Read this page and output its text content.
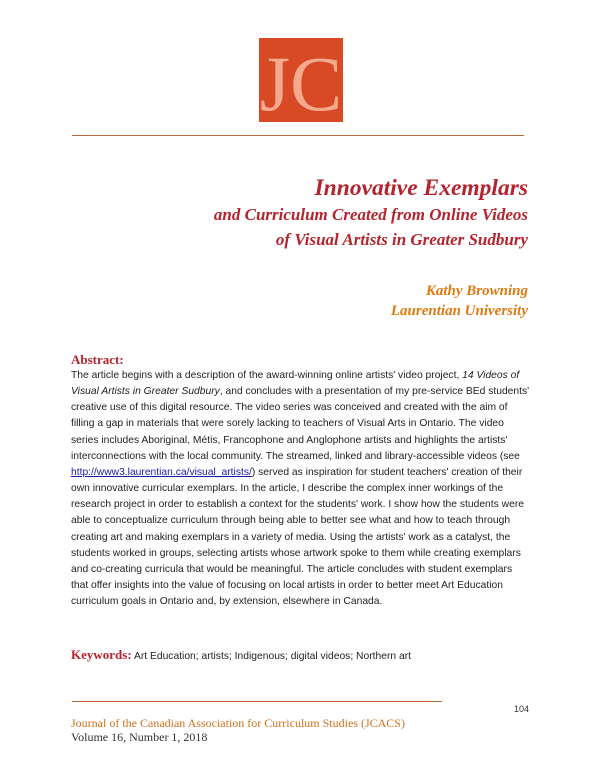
JC
Innovative Exemplars
and Curriculum Created from Online Videos
of Visual Artists in Greater Sudbury
Kathy Browning
Laurentian University
Abstract:
The article begins with a description of the award-winning online artists' video project, 14 Videos of Visual Artists in Greater Sudbury, and concludes with a presentation of my pre-service BEd students' creative use of this digital resource. The video series was conceived and created with the aim of filling a gap in materials that were sorely lacking to teachers of Visual Arts in Ontario. The video series includes Aboriginal, Métis, Francophone and Anglophone artists and highlights the artists' interconnections with the local community. The streamed, linked and library-accessible videos (see http://www3.laurentian.ca/visual_artists/) served as inspiration for student teachers' creation of their own innovative curricular exemplars. In the article, I describe the complex inner workings of the research project in order to establish a context for the students' work. I show how the students were able to conceptualize curriculum through being able to better see what and how to teach through creating art and making exemplars in a variety of media. Using the artists' work as a catalyst, the students worked in groups, selecting artists whose artwork spoke to them while creating exemplars and co-creating curricula that would be meaningful. The article concludes with student exemplars that offer insights into the value of focusing on local artists in order to better meet Art Education curriculum goals in Ontario and, by extension, elsewhere in Canada.
Keywords: Art Education; artists; Indigenous; digital videos; Northern art
104
Journal of the Canadian Association for Curriculum Studies (JCACS)
Volume 16, Number 1, 2018
